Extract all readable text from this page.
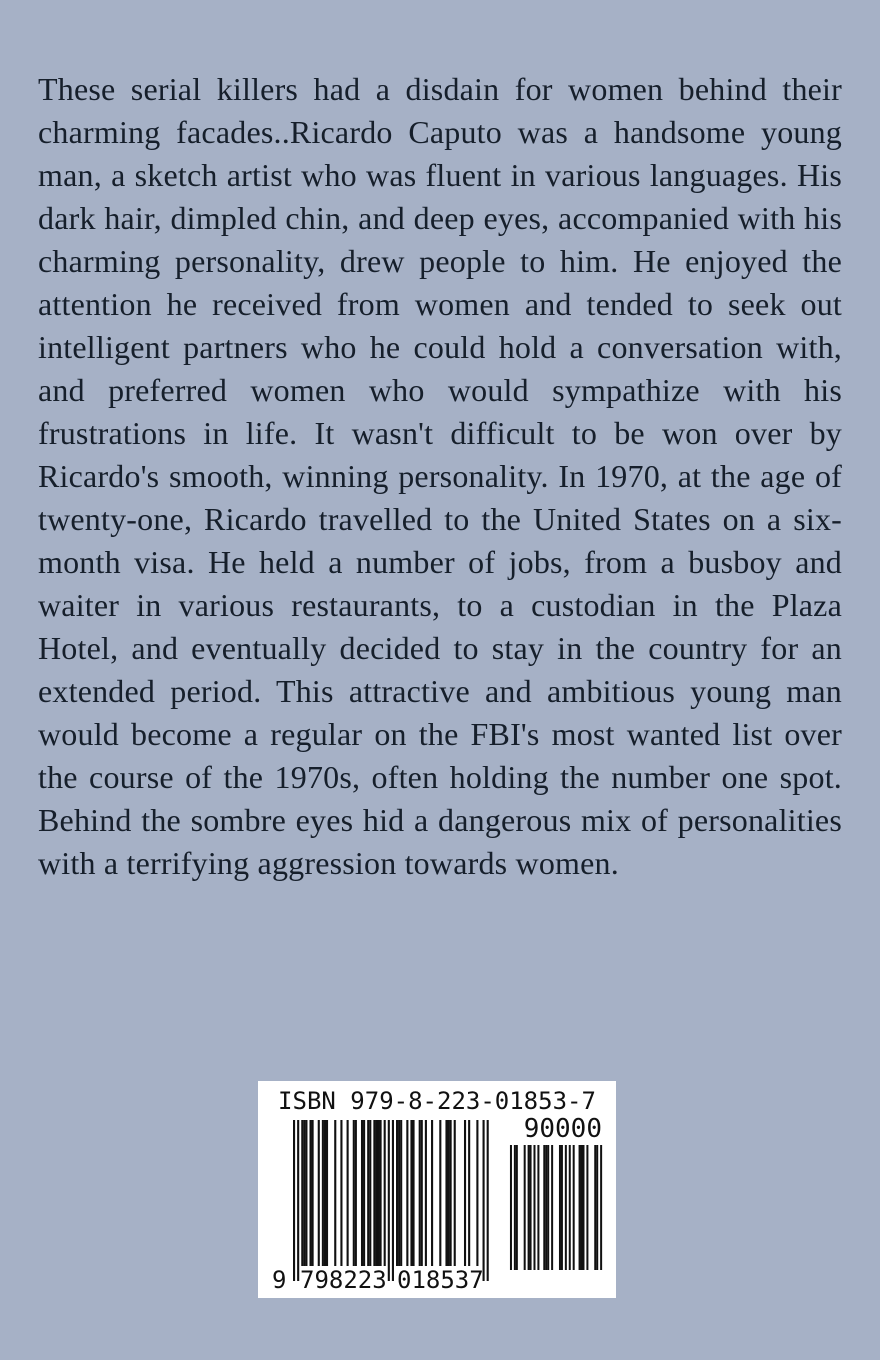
These serial killers had a disdain for women behind their charming facades..Ricardo Caputo was a handsome young man, a sketch artist who was fluent in various languages. His dark hair, dimpled chin, and deep eyes, accompanied with his charming personality, drew people to him. He enjoyed the attention he received from women and tended to seek out intelligent partners who he could hold a conversation with, and preferred women who would sympathize with his frustrations in life. It wasn't difficult to be won over by Ricardo's smooth, winning personality. In 1970, at the age of twenty-one, Ricardo travelled to the United States on a six-month visa. He held a number of jobs, from a busboy and waiter in various restaurants, to a custodian in the Plaza Hotel, and eventually decided to stay in the country for an extended period. This attractive and ambitious young man would become a regular on the FBI's most wanted list over the course of the 1970s, often holding the number one spot. Behind the sombre eyes hid a dangerous mix of personalities with a terrifying aggression towards women.
ISBN 979-8-223-01853-7
90000
9 798223 018537
